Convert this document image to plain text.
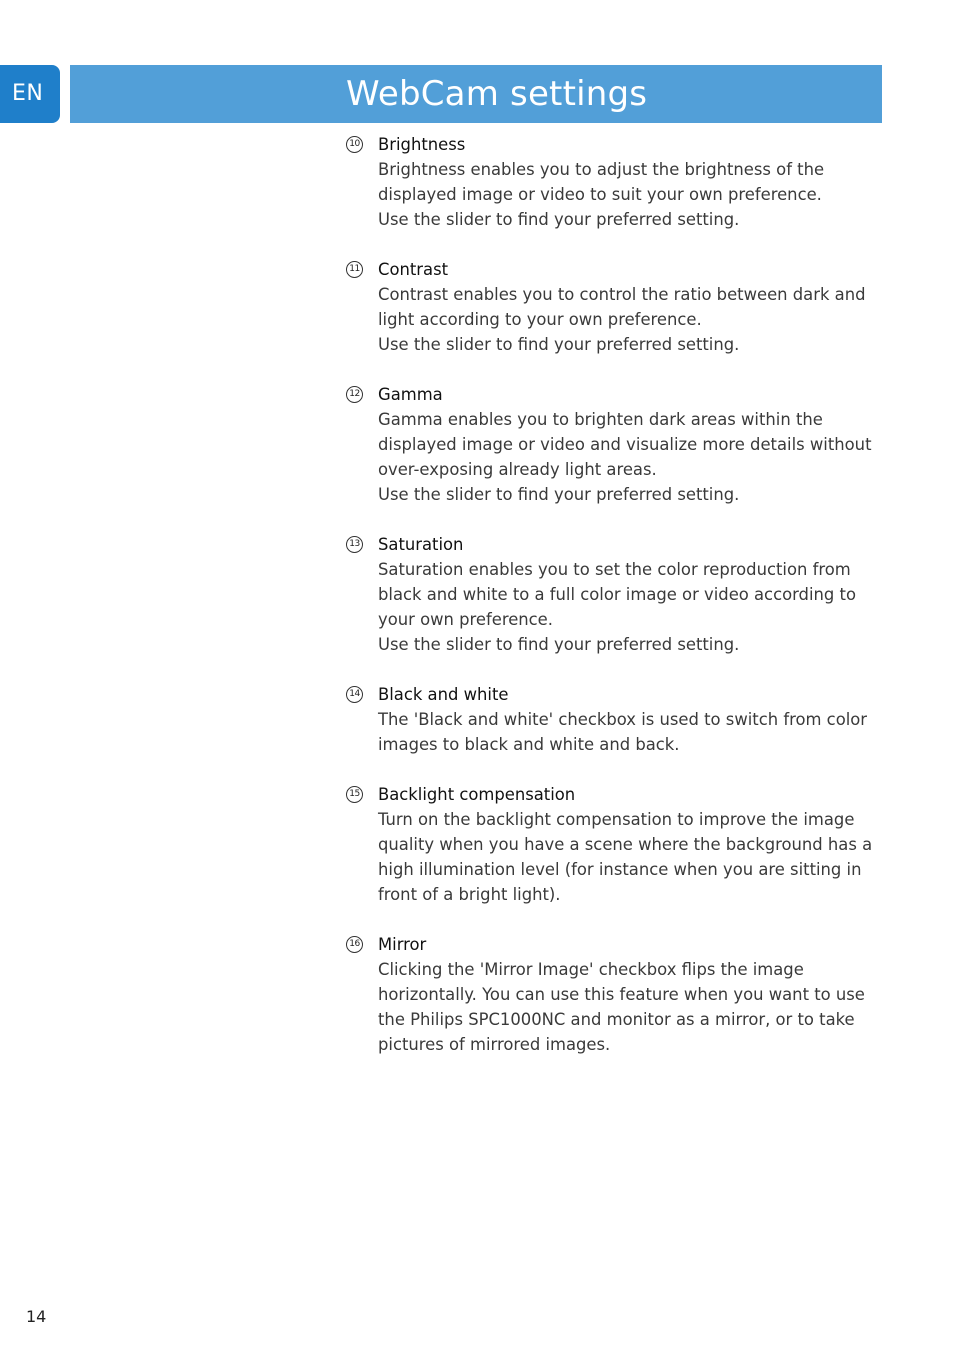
EN	WebCam settings
10 Brightness
Brightness enables you to adjust the brightness of the
displayed image or video to suit your own preference.
Use the slider to find your preferred setting.
11 Contrast
Contrast enables you to control the ratio between dark and
light according to your own preference.
Use the slider to find your preferred setting.
12 Gamma
Gamma enables you to brighten dark areas within the
displayed image or video and visualize more details without
over-exposing already light areas.
Use the slider to find your preferred setting.
13 Saturation
Saturation enables you to set the color reproduction from
black and white to a full color image or video according to
your own preference.
Use the slider to find your preferred setting.
14 Black and white
The 'Black and white' checkbox is used to switch from color
images to black and white and back.
15 Backlight compensation
Turn on the backlight compensation to improve the image
quality when you have a scene where the background has a
high illumination level (for instance when you are sitting in
front of a bright light).
16 Mirror
Clicking the 'Mirror Image' checkbox flips the image
horizontally. You can use this feature when you want to use
the Philips SPC1000NC and monitor as a mirror, or to take
pictures of mirrored images.
14
